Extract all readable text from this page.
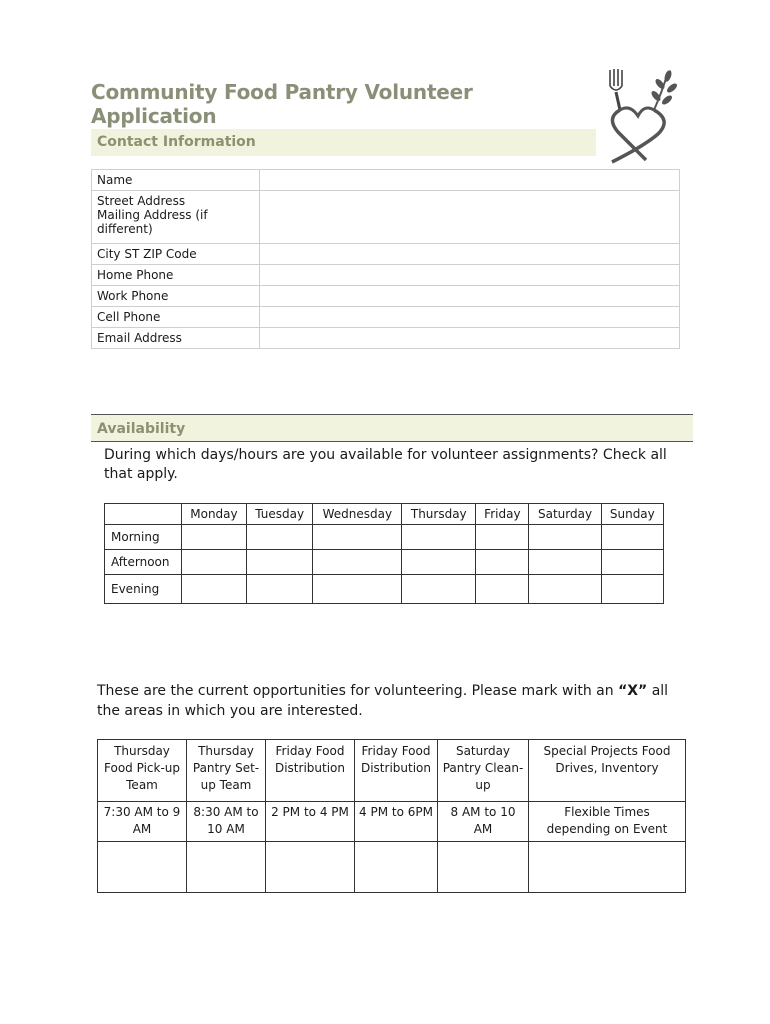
Community Food Pantry Volunteer Application
Contact Information
Name	
Street Address
Mailing Address (if different)	
City ST ZIP Code	
Home Phone	
Work Phone	
Cell Phone	
Email Address	
Availability
During which days/hours are you available for volunteer assignments? Check all that apply.
	Monday	Tuesday	Wednesday	Thursday	Friday	Saturday	Sunday
Morning							
Afternoon							
Evening							
These are the current opportunities for volunteering. Please mark with an “X” all the areas in which you are interested.
Thursday Food Pick-up Team	Thursday Pantry Set-up Team	Friday Food Distribution	Friday Food Distribution	Saturday Pantry Clean-up	Special Projects Food Drives, Inventory
7:30 AM to 9 AM	8:30 AM to 10 AM	2 PM to 4 PM	4 PM to 6PM	8 AM to 10 AM	Flexible Times depending on Event
